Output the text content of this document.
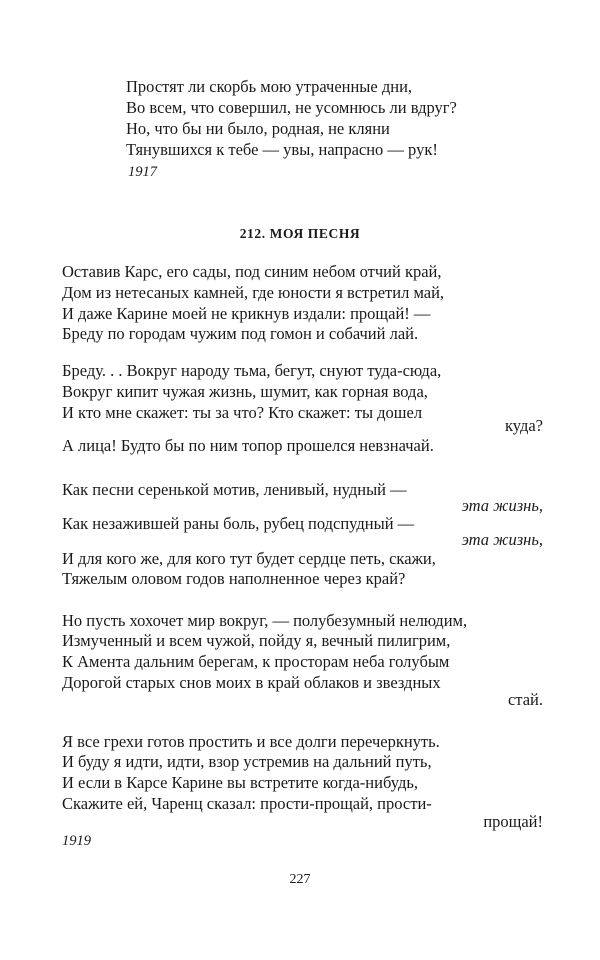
Простят ли скорбь мою утраченные дни,
Во всем, что совершил, не усомнюсь ли вдруг?
Но, что бы ни было, родная, не кляни
Тянувшихся к тебе — увы, напрасно — рук!
1917
212. МОЯ ПЕСНЯ
Оставив Карс, его сады, под синим небом отчий край,
Дом из нетесаных камней, где юности я встретил май,
И даже Карине моей не крикнув издали: прощай! —
Бреду по городам чужим под гомон и собачий лай.
Бреду. . . Вокруг народу тьма, бегут, снуют туда-сюда,
Вокруг кипит чужая жизнь, шумит, как горная вода,
И кто мне скажет: ты за что? Кто скажет: ты дошел
куда?
А лица! Будто бы по ним топор прошелся невзначай.
Как песни серенькой мотив, ленивый, нудный —
эта жизнь,
Как незажившей раны боль, рубец подспудный —
эта жизнь,
И для кого же, для кого тут будет сердце петь, скажи,
Тяжелым оловом годов наполненное через край?
Но пусть хохочет мир вокруг, — полубезумный нелюдим,
Измученный и всем чужой, пойду я, вечный пилигрим,
К Амента дальним берегам, к просторам неба голубым
Дорогой старых снов моих в край облаков и звездных
стай.
Я все грехи готов простить и все долги перечеркнуть.
И буду я идти, идти, взор устремив на дальний путь,
И если в Карсе Карине вы встретите когда-нибудь,
Скажите ей, Чаренц сказал: прости-прощай, прости-
прощай!
1919
227
